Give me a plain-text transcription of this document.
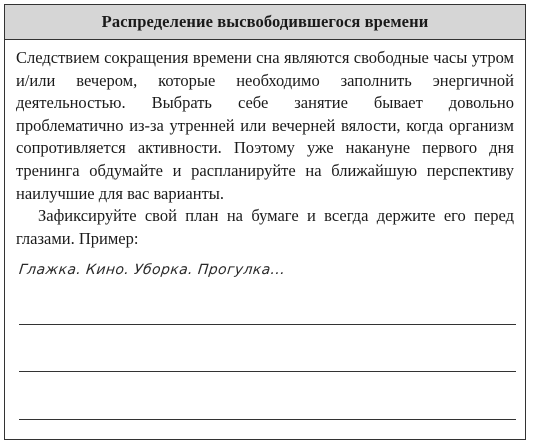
Распределение высвободившегося времени

Следствием сокращения времени сна являются свободные часы утром и/или вечером, которые необходимо заполнить энергичной деятельностью. Выбрать себе занятие бывает довольно проблематично из-за утренней или вечерней вялости, когда организм сопротивляется активности. Поэтому уже накануне первого дня тренинга обдумайте и распланируйте на ближайшую перспективу наилучшие для вас варианты.

Зафиксируйте свой план на бумаге и всегда держите его перед глазами. Пример:

Глажка. Кино. Уборка. Прогулка...
